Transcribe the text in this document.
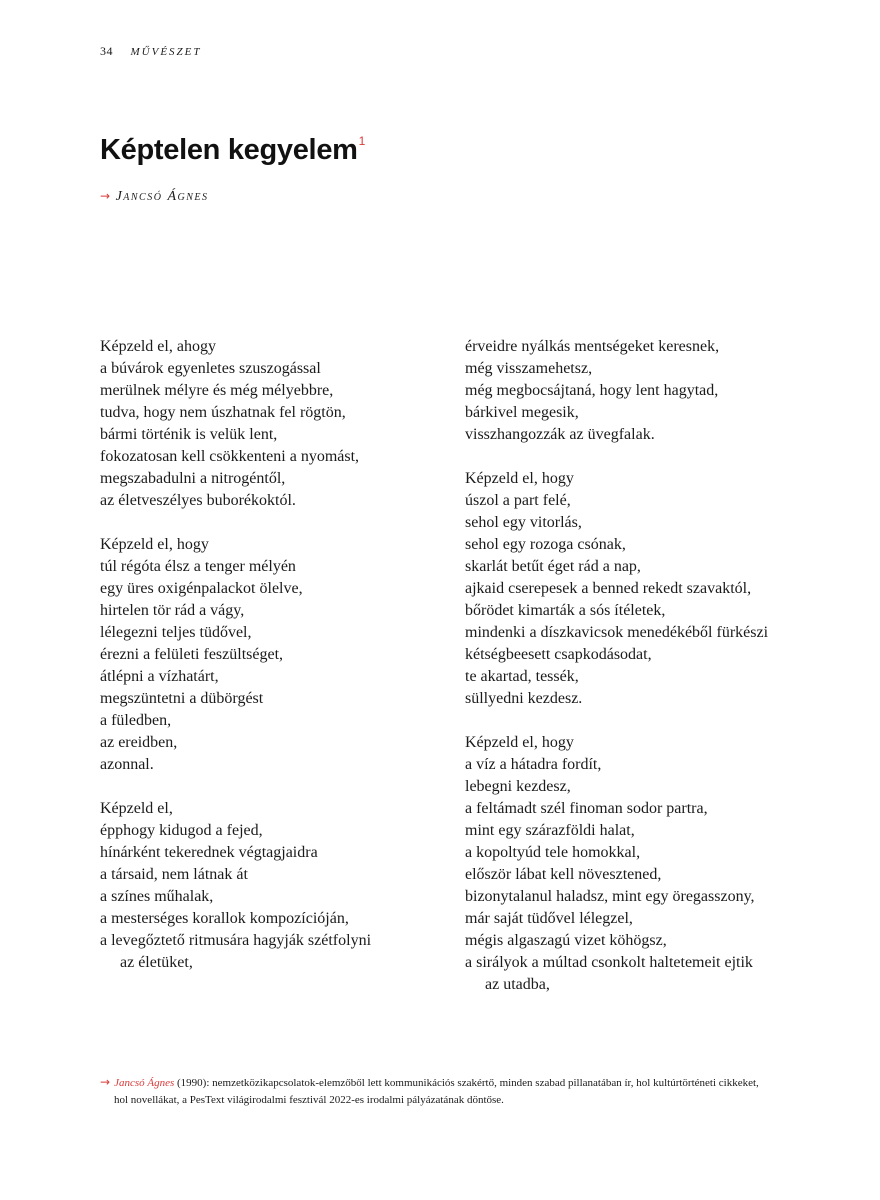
34 MŰVÉSZET
Képtelen kegyelem$^1$
→ Jancsó Ágnes
Képzeld el, ahogy
a búvárok egyenletes szuszogással
merülnek mélyre és még mélyebbre,
tudva, hogy nem úszhatnak fel rögtön,
bármi történik is velük lent,
fokozatosan kell csökkenteni a nyomást,
megszabadulni a nitrogéntől,
az életveszélyes buborékoktól.
Képzeld el, hogy
túl régóta élsz a tenger mélyén
egy üres oxigénpalackot ölelve,
hirtelen tör rád a vágy,
lélegezni teljes tüdővel,
érezni a felületi feszültséget,
átlépni a vízhatárt,
megszüntetni a dübörgést
a füledben,
az ereidben,
azonnal.
Képzeld el,
épphogy kidugod a fejed,
hínárként tekerednek végtagjaidra
a társaid, nem látnak át
a színes műhalak,
a mesterséges korallok kompozícióján,
a levegőztető ritmusára hagyják szétfolyni
az életüket,
érveidre nyálkás mentségeket keresnek,
még visszamehetsz,
még megbocsájtaná, hogy lent hagytad,
bárkivel megesik,
visszhangozzák az üvegfalak.
Képzeld el, hogy
úszol a part felé,
sehol egy vitorlás,
sehol egy rozoga csónak,
skarlát betűt éget rád a nap,
ajkaid cserepesek a benned rekedt szavaktól,
bőrödet kimarták a sós ítéletek,
mindenki a díszkavicsok menedékéből fürkészi
kétségbeesett csapkodásodat,
te akartad, tessék,
süllyedni kezdesz.
Képzeld el, hogy
a víz a hátadra fordít,
lebegni kezdesz,
a feltámadt szél finoman sodor partra,
mint egy szárazföldi halat,
a kopoltyúd tele homokkal,
először lábat kell növesztened,
bizonytalanul haladsz, mint egy öregasszony,
már saját tüdővel lélegzel,
mégis algaszagú vizet köhögsz,
a sirályok a múltad csonkolt haltetemeit ejtik
az utadba,
→ Jancsó Ágnes (1990): nemzetközikapcsolatok-elemzőből lett kommunikációs szakértő, minden szabad pillanatában ír, hol kultúrtörténeti cikkeket,
hol novellákat, a PesText világirodalmi fesztivál 2022-es irodalmi pályázatának döntőse.
